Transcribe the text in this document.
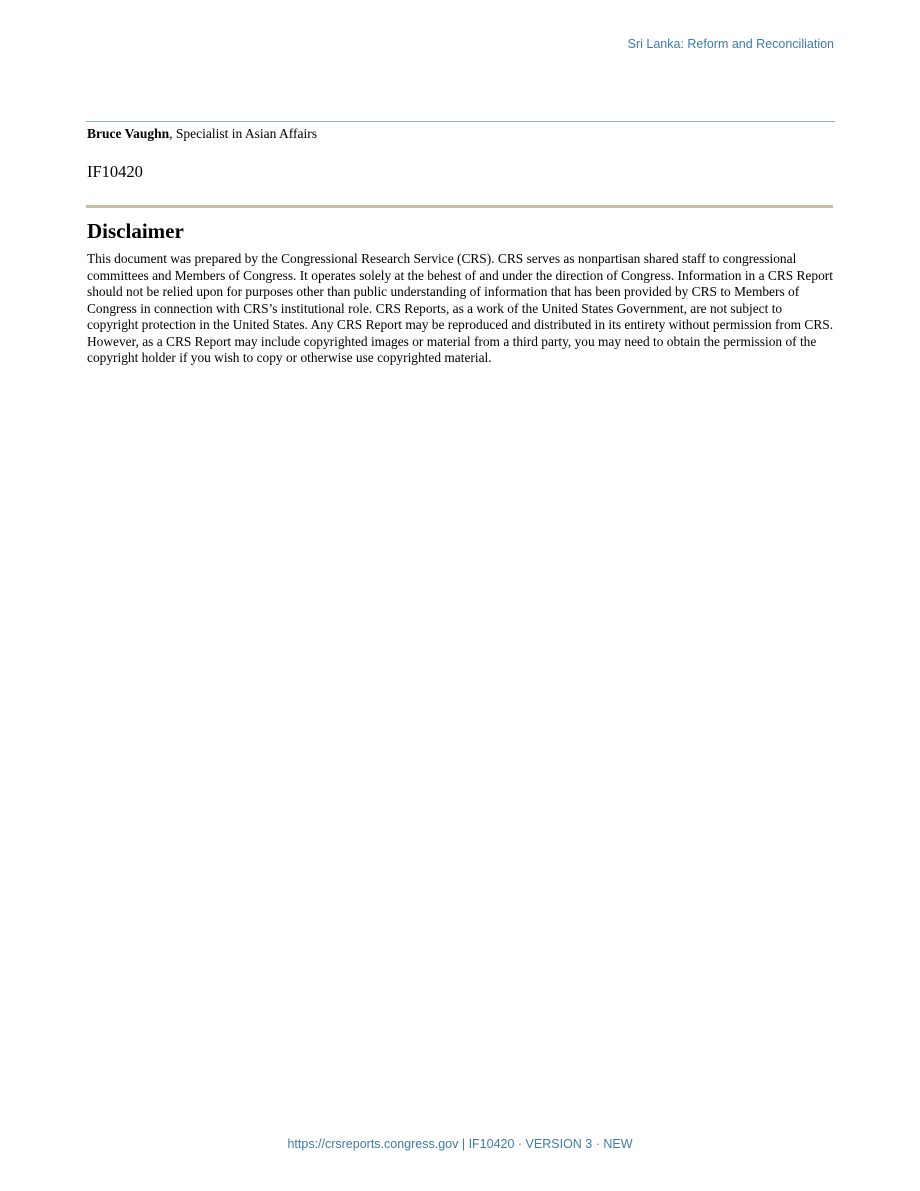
Sri Lanka: Reform and Reconciliation
Bruce Vaughn, Specialist in Asian Affairs
IF10420
Disclaimer

This document was prepared by the Congressional Research Service (CRS). CRS serves as nonpartisan shared staff to congressional committees and Members of Congress. It operates solely at the behest of and under the direction of Congress. Information in a CRS Report should not be relied upon for purposes other than public understanding of information that has been provided by CRS to Members of Congress in connection with CRS’s institutional role. CRS Reports, as a work of the United States Government, are not subject to copyright protection in the United States. Any CRS Report may be reproduced and distributed in its entirety without permission from CRS. However, as a CRS Report may include copyrighted images or material from a third party, you may need to obtain the permission of the copyright holder if you wish to copy or otherwise use copyrighted material.

https://crsreports.congress.gov | IF10420 · VERSION 3 · NEW
